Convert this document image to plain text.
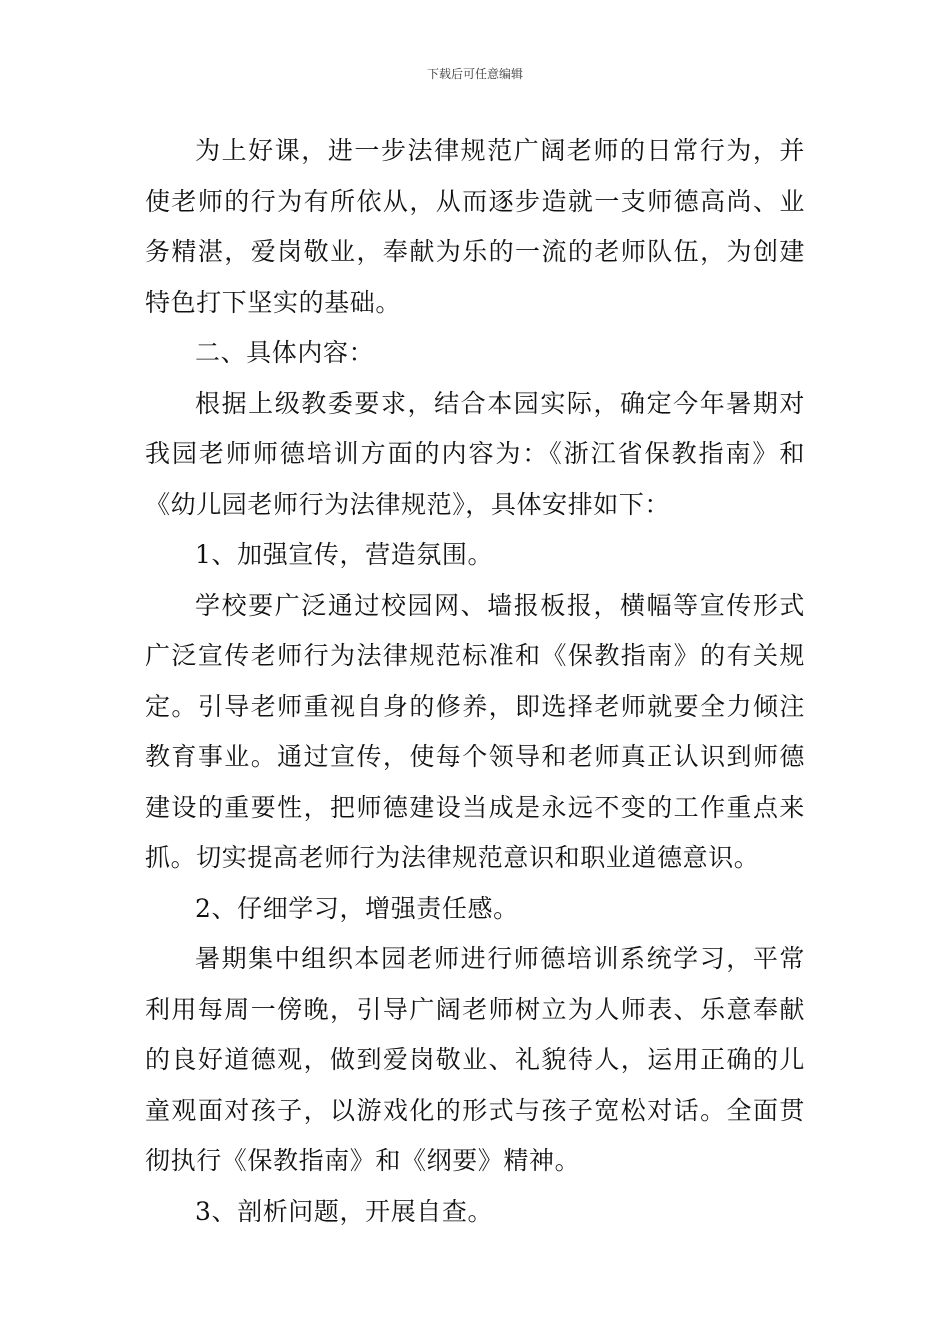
下载后可任意编辑

为上好课，进一步法律规范广阔老师的日常行为，并使老师的行为有所依从，从而逐步造就一支师德高尚、业务精湛，爱岗敬业，奉献为乐的一流的老师队伍，为创建特色打下坚实的基础。

二、具体内容：

根据上级教委要求，结合本园实际，确定今年暑期对我园老师师德培训方面的内容为：《浙江省保教指南》和《幼儿园老师行为法律规范》，具体安排如下：

1、加强宣传，营造氛围。

学校要广泛通过校园网、墙报板报，横幅等宣传形式广泛宣传老师行为法律规范标准和《保教指南》的有关规定。引导老师重视自身的修养，即选择老师就要全力倾注教育事业。通过宣传，使每个领导和老师真正认识到师德建设的重要性，把师德建设当成是永远不变的工作重点来抓。切实提高老师行为法律规范意识和职业道德意识。

2、仔细学习，增强责任感。

暑期集中组织本园老师进行师德培训系统学习，平常利用每周一傍晚，引导广阔老师树立为人师表、乐意奉献的良好道德观，做到爱岗敬业、礼貌待人，运用正确的儿童观面对孩子，以游戏化的形式与孩子宽松对话。全面贯彻执行《保教指南》和《纲要》精神。

3、剖析问题，开展自查。
